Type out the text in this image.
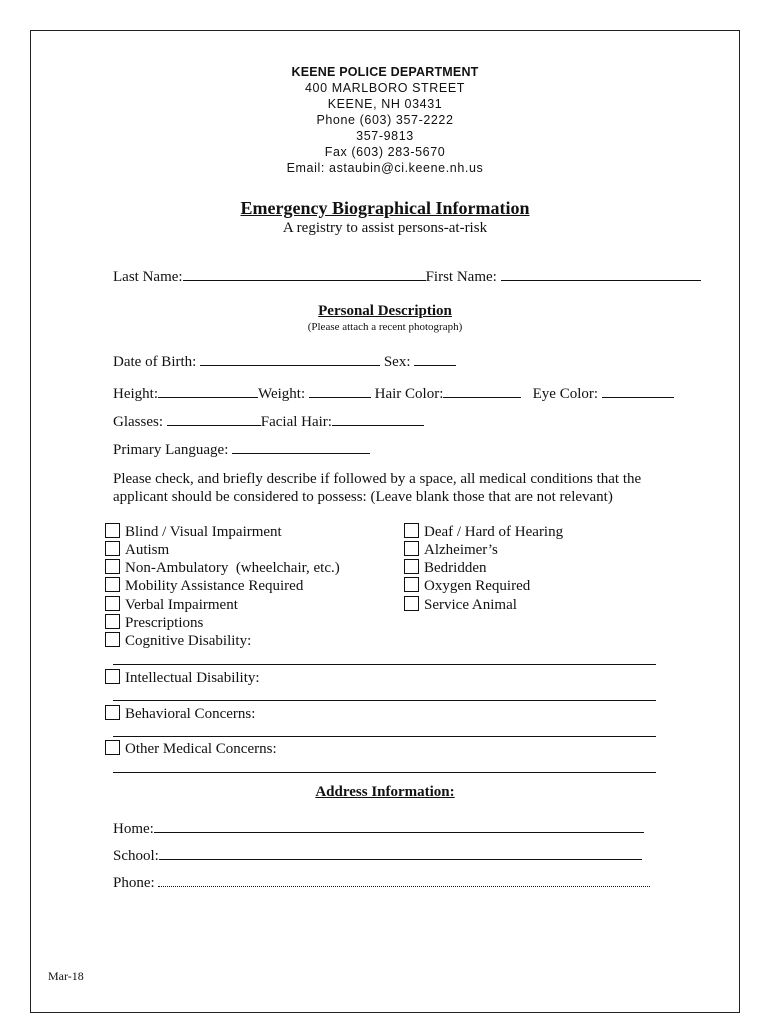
KEENE POLICE DEPARTMENT
400 MARLBORO STREET
KEENE, NH 03431
Phone (603) 357-2222
357-9813
Fax (603) 283-5670
Email: astaubin@ci.keene.nh.us
Emergency Biographical Information
A registry to assist persons-at-risk
Last Name:	First Name:
Personal Description
(Please attach a recent photograph)
Date of Birth:	Sex:
Height:	Weight:	Hair Color:	Eye Color:
Glasses:	Facial Hair:
Primary Language:
Please check, and briefly describe if followed by a space, all medical conditions that the applicant should be considered to possess: (Leave blank those that are not relevant)
Blind / Visual Impairment
Autism
Non-Ambulatory  (wheelchair, etc.)
Mobility Assistance Required
Verbal Impairment
Prescriptions
Cognitive Disability:
Deaf / Hard of Hearing
Alzheimer’s
Bedridden
Oxygen Required
Service Animal
Intellectual Disability:
Behavioral Concerns:
Other Medical Concerns:
Address Information:
Home:
School:
Phone:
Mar-18
